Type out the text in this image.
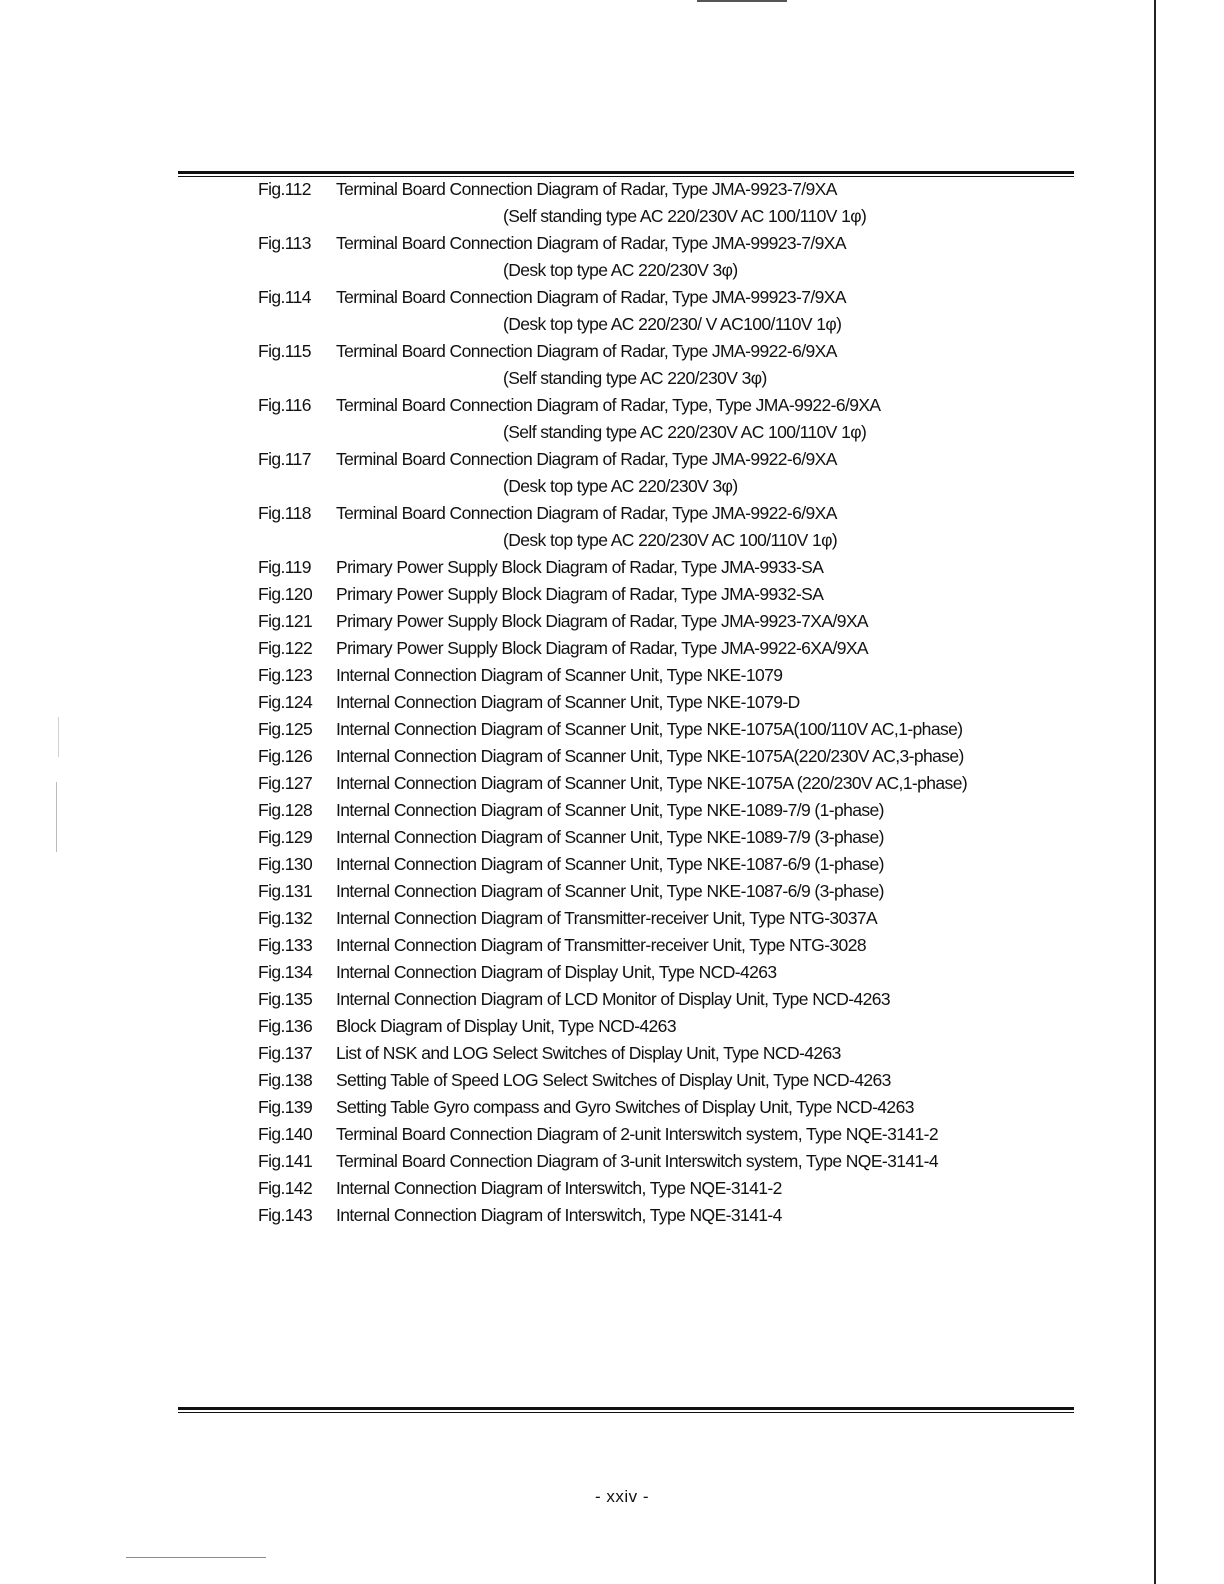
Fig.112	Terminal Board Connection Diagram of Radar, Type JMA-9923-7/9XA
(Self standing type AC 220/230V AC 100/110V 1φ)
Fig.113	Terminal Board Connection Diagram of Radar, Type JMA-99923-7/9XA
(Desk top type AC 220/230V 3φ)
Fig.114	Terminal Board Connection Diagram of Radar, Type JMA-99923-7/9XA
(Desk top type AC 220/230/ V AC100/110V 1φ)
Fig.115	Terminal Board Connection Diagram of Radar, Type JMA-9922-6/9XA
(Self standing type AC 220/230V 3φ)
Fig.116	Terminal Board Connection Diagram of Radar, Type, Type JMA-9922-6/9XA
(Self standing type AC 220/230V AC 100/110V 1φ)
Fig.117	Terminal Board Connection Diagram of Radar, Type JMA-9922-6/9XA
(Desk top type AC 220/230V 3φ)
Fig.118	Terminal Board Connection Diagram of Radar, Type JMA-9922-6/9XA
(Desk top type AC 220/230V AC 100/110V 1φ)
Fig.119	Primary Power Supply Block Diagram of Radar, Type JMA-9933-SA
Fig.120	Primary Power Supply Block Diagram of Radar, Type JMA-9932-SA
Fig.121	Primary Power Supply Block Diagram of Radar, Type JMA-9923-7XA/9XA
Fig.122	Primary Power Supply Block Diagram of Radar, Type JMA-9922-6XA/9XA
Fig.123	Internal Connection Diagram of Scanner Unit, Type NKE-1079
Fig.124	Internal Connection Diagram of Scanner Unit, Type NKE-1079-D
Fig.125	Internal Connection Diagram of Scanner Unit, Type NKE-1075A(100/110V AC,1-phase)
Fig.126	Internal Connection Diagram of Scanner Unit, Type NKE-1075A(220/230V AC,3-phase)
Fig.127	Internal Connection Diagram of Scanner Unit, Type NKE-1075A (220/230V AC,1-phase)
Fig.128	Internal Connection Diagram of Scanner Unit, Type NKE-1089-7/9 (1-phase)
Fig.129	Internal Connection Diagram of Scanner Unit, Type NKE-1089-7/9 (3-phase)
Fig.130	Internal Connection Diagram of Scanner Unit, Type NKE-1087-6/9 (1-phase)
Fig.131	Internal Connection Diagram of Scanner Unit, Type NKE-1087-6/9 (3-phase)
Fig.132	Internal Connection Diagram of Transmitter-receiver Unit, Type NTG-3037A
Fig.133	Internal Connection Diagram of Transmitter-receiver Unit, Type NTG-3028
Fig.134	Internal Connection Diagram of Display Unit, Type NCD-4263
Fig.135	Internal Connection Diagram of LCD Monitor of Display Unit, Type NCD-4263
Fig.136	Block Diagram of Display Unit, Type NCD-4263
Fig.137	List of NSK and LOG Select Switches of Display Unit, Type NCD-4263
Fig.138	Setting Table of Speed LOG Select Switches of Display Unit, Type NCD-4263
Fig.139	Setting Table Gyro compass and Gyro Switches of Display Unit, Type NCD-4263
Fig.140	Terminal Board Connection Diagram of 2-unit Interswitch system, Type NQE-3141-2
Fig.141	Terminal Board Connection Diagram of 3-unit Interswitch system, Type NQE-3141-4
Fig.142	Internal Connection Diagram of Interswitch, Type NQE-3141-2
Fig.143	Internal Connection Diagram of Interswitch, Type NQE-3141-4
- xxiv -
